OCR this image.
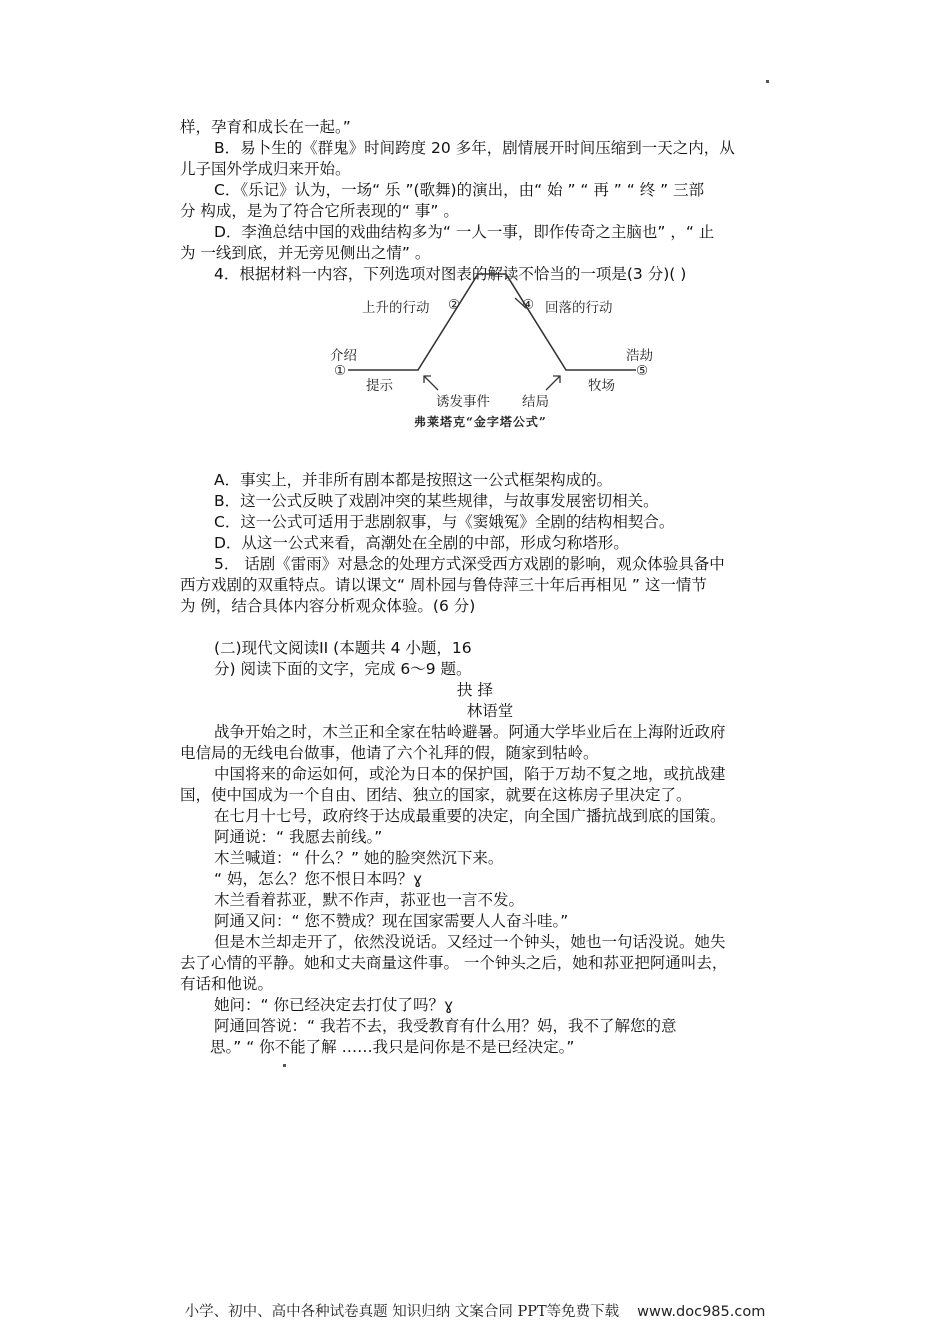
样，孕育和成长在一起。”
B．易卜生的《群鬼》时间跨度 20 多年，剧情展开时间压缩到一天之内，从
儿子国外学成归来开始。
C．《乐记》认为，一场“ 乐 ”(歌舞)的演出，由“ 始 ” “ 再 ” “ 终 ” 三部
分 构成，是为了符合它所表现的“ 事” 。
D．李渔总结中国的戏曲结构多为“ 一人一事，即作传奇之主脑也” ，“ 止
为 一线到底，并无旁见侧出之情” 。
4．根据材料一内容，下列选项对图表的解读不恰当的一项是(3 分)( )
上升的行动 ②	④ 回落的行动
介绍
①
浩劫
⑤
提示	牧场
诱发事件 结局
弗莱塔克“金字塔公式”
A．事实上，并非所有剧本都是按照这一公式框架构成的。
B．这一公式反映了戏剧冲突的某些规律，与故事发展密切相关。
C．这一公式可适用于悲剧叙事，与《窦娥冤》全剧的结构相契合。
D．从这一公式来看，高潮处在全剧的中部，形成匀称塔形。
5． 话剧《雷雨》对悬念的处理方式深受西方戏剧的影响，观众体验具备中
西方戏剧的双重特点。请以课文“ 周朴园与鲁侍萍三十年后再相见 ” 这一情节
为 例，结合具体内容分析观众体验。(6 分)
(二)现代文阅读II (本题共 4 小题，16
分) 阅读下面的文字，完成 6～9 题。
抉 择
林语堂
战争开始之时，木兰正和全家在牯岭避暑。阿通大学毕业后在上海附近政府
电信局的无线电台做事，他请了六个礼拜的假，随家到牯岭。
中国将来的命运如何，或沦为日本的保护国，陷于万劫不复之地，或抗战建
国，使中国成为一个自由、团结、独立的国家，就要在这栋房子里决定了。
在七月十七号，政府终于达成最重要的决定，向全国广播抗战到底的国策。
阿通说：“ 我愿去前线。”
木兰喊道：“ 什么？” 她的脸突然沉下来。
“ 妈，怎么？您不恨日本吗？ɣ
木兰看着荪亚，默不作声，荪亚也一言不发。
阿通又问：“ 您不赞成？现在国家需要人人奋斗哇。”
但是木兰却走开了，依然没说话。又经过一个钟头，她也一句话没说。她失
去了心情的平静。她和丈夫商量这件事。 一个钟头之后，她和荪亚把阿通叫去，
有话和他说。
她问：“ 你已经决定去打仗了吗？ɣ
阿通回答说：“ 我若不去，我受教育有什么用？妈，我不了解您的意
思。” “ 你不能了解 ……我只是问你是不是已经决定。”
小学、初中、高中各种试卷真题 知识归纳 文案合同 PPT等免费下载 www.doc985.com
